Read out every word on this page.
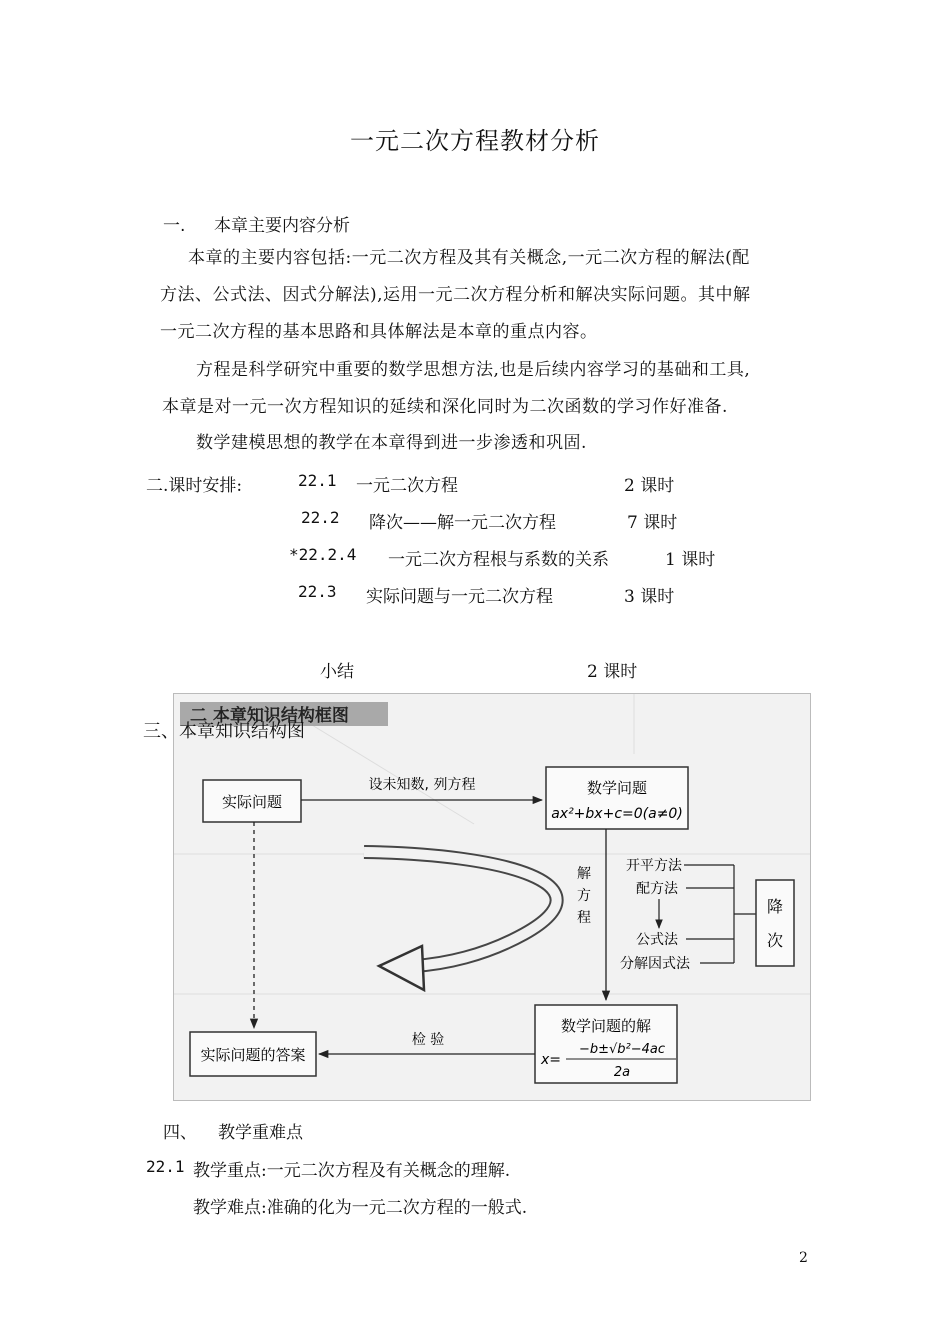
一元二次方程教材分析
一. 本章主要内容分析
本章的主要内容包括:一元二次方程及其有关概念,一元二次方程的解法(配
方法、公式法、因式分解法),运用一元二次方程分析和解决实际问题。其中解
一元二次方程的基本思路和具体解法是本章的重点内容。
方程是科学研究中重要的数学思想方法,也是后续内容学习的基础和工具,
本章是对一元一次方程知识的延续和深化同时为二次函数的学习作好准备.
数学建模思想的教学在本章得到进一步渗透和巩固.
二.课时安排:	22.1 一元二次方程	2 课时
22.2 降次——解一元二次方程	7 课时
*22.2.4 一元二次方程根与系数的关系	1 课时
22.3 实际问题与一元二次方程	3 课时
小结	2 课时
二 本章知识结构框图
实际问题
设未知数, 列方程	数学问题
ax²+bx+c=0(a≠0)
解
方
程
开平方法
配方法
公式法
分解因式法
降
次
数学问题的解
x=
−b±√b²−4ac
2a
检 验
实际问题的答案
三、本章知识结构图
四、 教学重难点
22.1 教学重点:一元二次方程及有关概念的理解.
教学难点:准确的化为一元二次方程的一般式.
2
